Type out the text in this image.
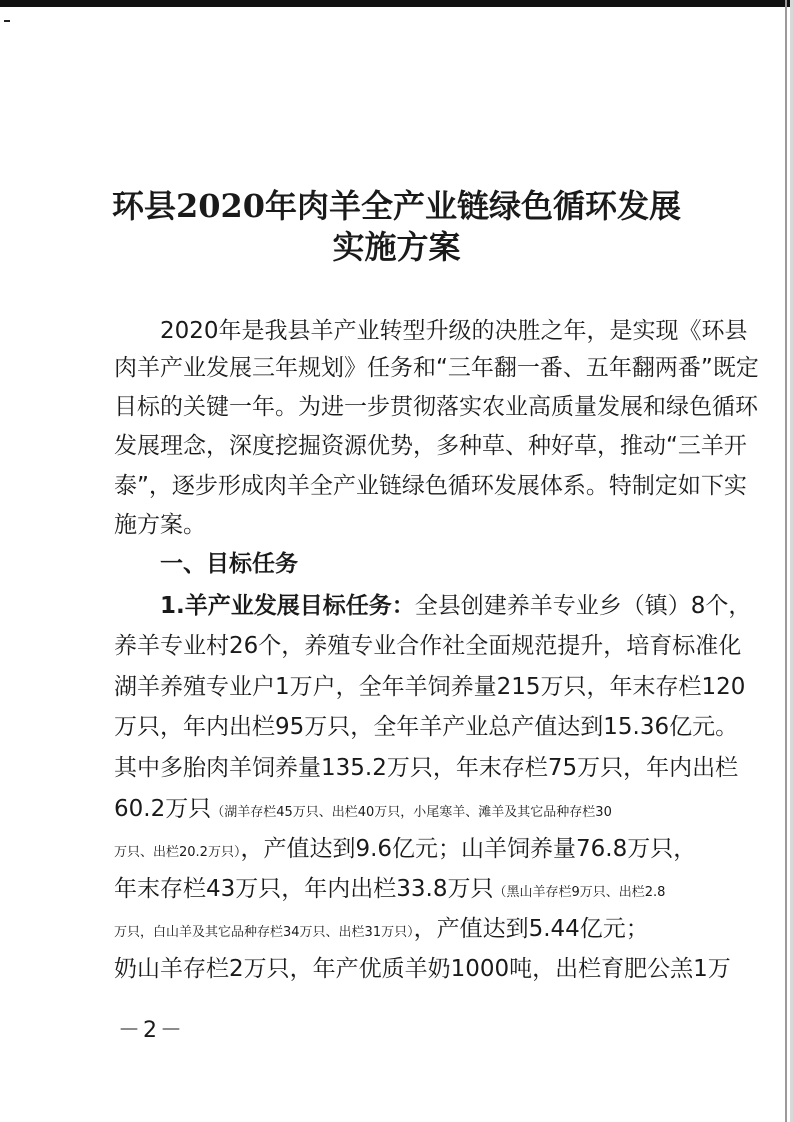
环县2020年肉羊全产业链绿色循环发展
实施方案
2020年是我县羊产业转型升级的决胜之年，是实现《环县
肉羊产业发展三年规划》任务和“三年翻一番、五年翻两番”既定
目标的关键一年。为进一步贯彻落实农业高质量发展和绿色循环
发展理念，深度挖掘资源优势，多种草、种好草，推动“三羊开
泰”，逐步形成肉羊全产业链绿色循环发展体系。特制定如下实
施方案。
一、目标任务
1.羊产业发展目标任务：全县创建养羊专业乡（镇）8个，
养羊专业村26个，养殖专业合作社全面规范提升，培育标准化
湖羊养殖专业户1万户，全年羊饲养量215万只，年末存栏120
万只，年内出栏95万只，全年羊产业总产值达到15.36亿元。
其中多胎肉羊饲养量135.2万只，年末存栏75万只，年内出栏
60.2万只（湖羊存栏45万只、出栏40万只，小尾寒羊、滩羊及其它品种存栏30
万只、出栏20.2万只），产值达到9.6亿元；山羊饲养量76.8万只，
年末存栏43万只，年内出栏33.8万只（黑山羊存栏9万只、出栏2.8
万只，白山羊及其它品种存栏34万只、出栏31万只），产值达到5.44亿元；
奶山羊存栏2万只，年产优质羊奶1000吨，出栏育肥公羔1万
－2－
